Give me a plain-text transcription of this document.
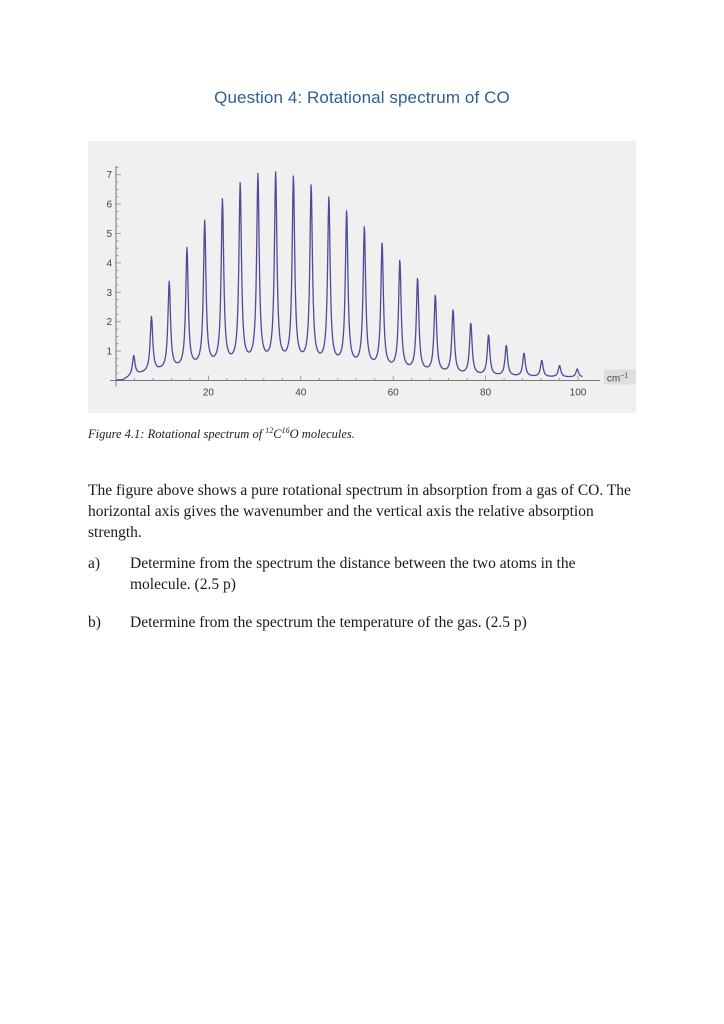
Question 4: Rotational spectrum of CO
1
2
3
4
5
6
7
20	40	60	80	100
$cm^{-1}$
Figure 4.1: Rotational spectrum of $^{12}C^{16}O$ molecules.
The figure above shows a pure rotational spectrum in absorption from a gas of CO. The horizontal axis gives the wavenumber and the vertical axis the relative absorption strength.
a) Determine from the spectrum the distance between the two atoms in the molecule. (2.5 p)
b) Determine from the spectrum the temperature of the gas. (2.5 p)
